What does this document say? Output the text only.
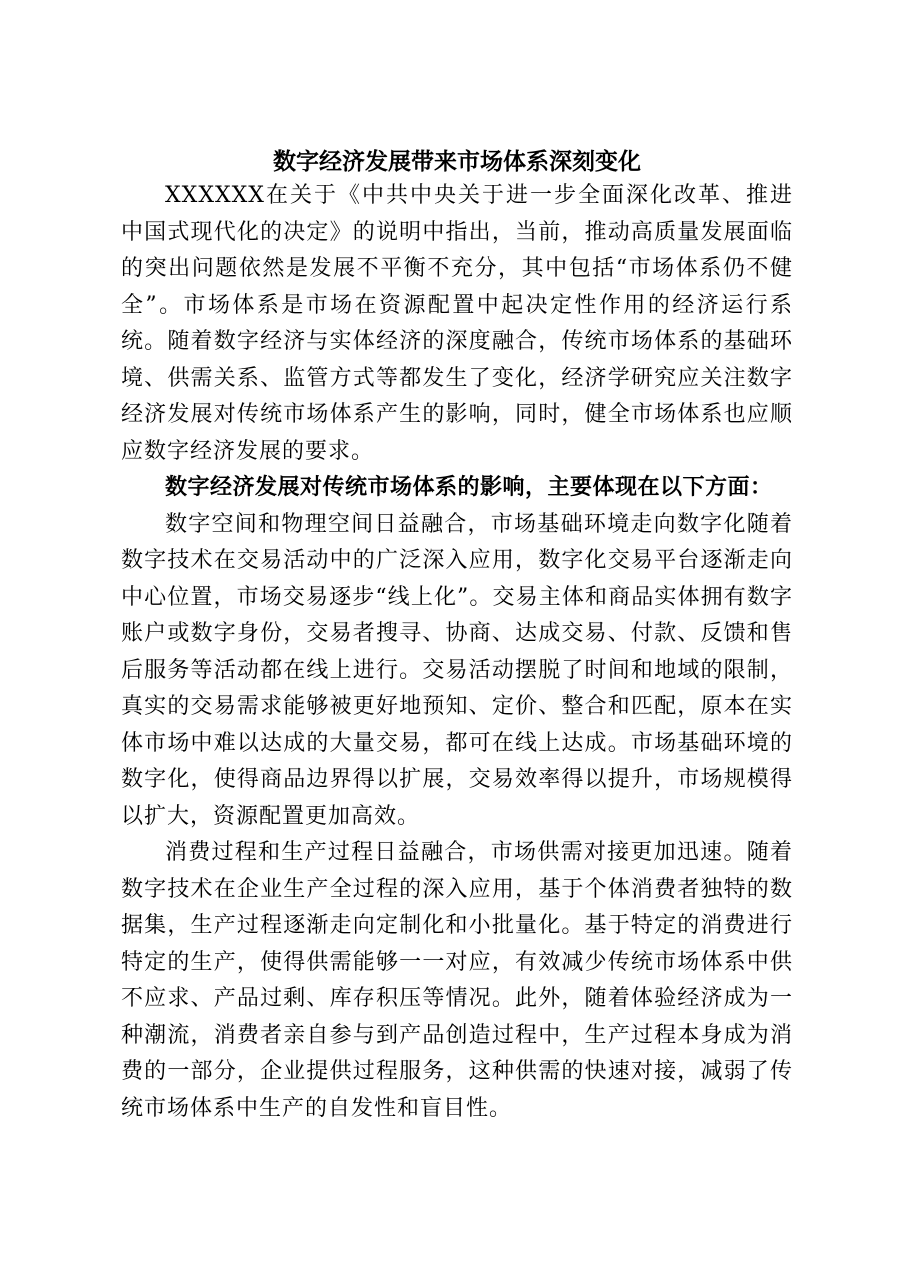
数字经济发展带来市场体系深刻变化

XXXXXX在关于《中共中央关于进一步全面深化改革、推进中国式现代化的决定》的说明中指出，当前，推动高质量发展面临的突出问题依然是发展不平衡不充分，其中包括“市场体系仍不健全”。市场体系是市场在资源配置中起决定性作用的经济运行系统。随着数字经济与实体经济的深度融合，传统市场体系的基础环境、供需关系、监管方式等都发生了变化，经济学研究应关注数字经济发展对传统市场体系产生的影响，同时，健全市场体系也应顺应数字经济发展的要求。

数字经济发展对传统市场体系的影响，主要体现在以下方面：

数字空间和物理空间日益融合，市场基础环境走向数字化随着数字技术在交易活动中的广泛深入应用，数字化交易平台逐渐走向中心位置，市场交易逐步“线上化”。交易主体和商品实体拥有数字账户或数字身份，交易者搜寻、协商、达成交易、付款、反馈和售后服务等活动都在线上进行。交易活动摆脱了时间和地域的限制，真实的交易需求能够被更好地预知、定价、整合和匹配，原本在实体市场中难以达成的大量交易，都可在线上达成。市场基础环境的数字化，使得商品边界得以扩展，交易效率得以提升，市场规模得以扩大，资源配置更加高效。

消费过程和生产过程日益融合，市场供需对接更加迅速。随着数字技术在企业生产全过程的深入应用，基于个体消费者独特的数据集，生产过程逐渐走向定制化和小批量化。基于特定的消费进行特定的生产，使得供需能够一一对应，有效减少传统市场体系中供不应求、产品过剩、库存积压等情况。此外，随着体验经济成为一种潮流，消费者亲自参与到产品创造过程中，生产过程本身成为消费的一部分，企业提供过程服务，这种供需的快速对接，减弱了传统市场体系中生产的自发性和盲目性。
